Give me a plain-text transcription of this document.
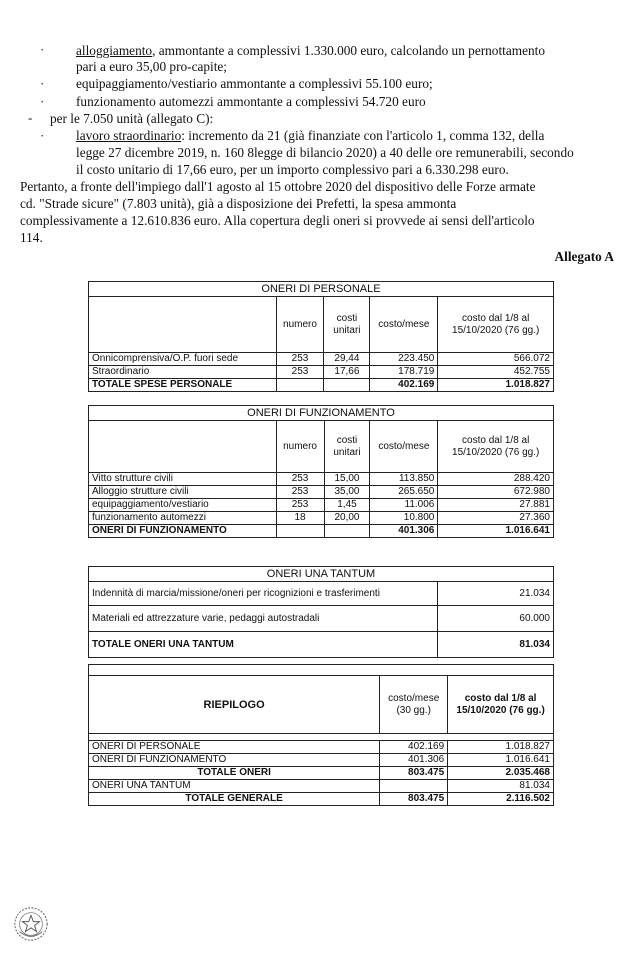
· alloggiamento, ammontante a complessivi 1.330.000 euro, calcolando un pernottamento
pari a euro 35,00 pro-capite;
· equipaggiamento/vestiario ammontante a complessivi 55.100 euro;
· funzionamento automezzi ammontante a complessivi 54.720 euro
- per le 7.050 unità (allegato C):
· lavoro straordinario: incremento da 21 (già finanziate con l'articolo 1, comma 132, della
legge 27 dicembre 2019, n. 160 8legge di bilancio 2020) a 40 delle ore remunerabili, secondo
il costo unitario di 17,66 euro, per un importo complessivo pari a 6.330.298 euro.
Pertanto, a fronte dell'impiego dall'1 agosto al 15 ottobre 2020 del dispositivo delle Forze armate
cd. "Strade sicure" (7.803 unità), già a disposizione dei Prefetti, la spesa ammonta
complessivamente a 12.610.836 euro. Alla copertura degli oneri si provvede ai sensi dell'articolo
114.
Allegato A
ONERI DI PERSONALE				
	numero	costi unitari	costo/mese	costo dal 1/8 al 15/10/2020 (76 gg.)
Onnicomprensiva/O.P. fuori sede	253	29,44	223.450	566.072
Straordinario	253	17,66	178.719	452.755
TOTALE SPESE PERSONALE			402.169	1.018.827
ONERI DI FUNZIONAMENTO				
	numero	costi unitari	costo/mese	costo dal 1/8 al 15/10/2020 (76 gg.)
Vitto strutture civili	253	15,00	113.850	288.420
Alloggio strutture civili	253	35,00	265.650	672.980
equipaggiamento/vestiario	253	1,45	11.006	27.881
funzionamento automezzi	18	20,00	10.800	27.360
ONERI DI FUNZIONAMENTO			401.306	1.016.641
ONERI UNA TANTUM	
Indennità di marcia/missione/oneri per ricognizioni e trasferimenti	21.034
Materiali ed attrezzature varie, pedaggi autostradali	60.000
TOTALE ONERI UNA TANTUM	81.034

RIEPILOGO	costo/mese (30 gg.)	costo dal 1/8 al 15/10/2020 (76 gg.)

ONERI DI PERSONALE	402.169	1.018.827
ONERI DI FUNZIONAMENTO	401.306	1.016.641
TOTALE ONERI	803.475	2.035.468
ONERI UNA TANTUM		81.034
TOTALE GENERALE	803.475	2.116.502
